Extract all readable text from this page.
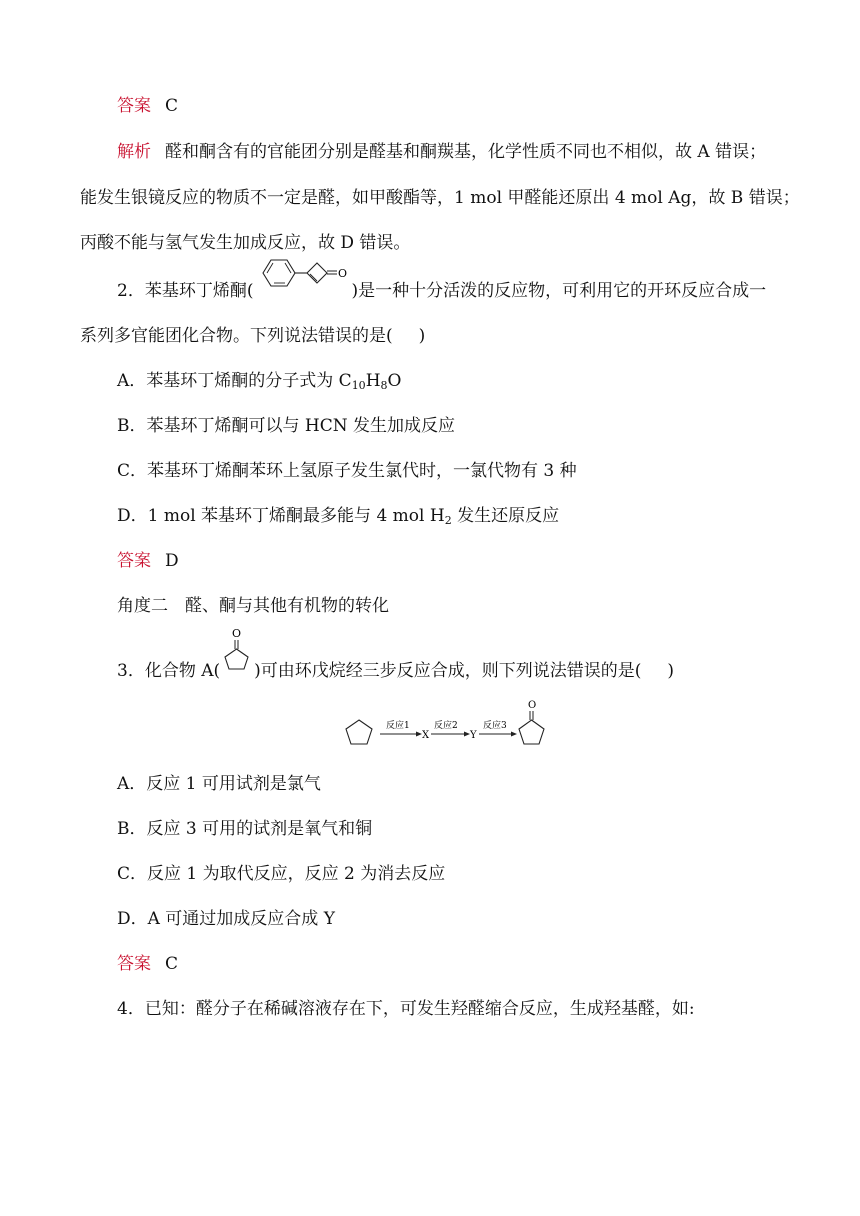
答案 C
解析 醛和酮含有的官能团分别是醛基和酮羰基，化学性质不同也不相似，故 A 错误；
能发生银镜反应的物质不一定是醛，如甲酸酯等，1 mol 甲醛能还原出 4 mol Ag，故 B 错误；
丙酸不能与氢气发生加成反应，故 D 错误。
2．苯基环丁烯酮(
O
)是一种十分活泼的反应物，可利用它的开环反应合成一
系列多官能团化合物。下列说法错误的是( )
A．苯基环丁烯酮的分子式为 $C_{10}H_8O$
B．苯基环丁烯酮可以与 HCN 发生加成反应
C．苯基环丁烯酮苯环上氢原子发生氯代时，一氯代物有 3 种
D．1 mol 苯基环丁烯酮最多能与 4 mol $H_2$ 发生还原反应
答案 D
角度二　醛、酮与其他有机物的转化
3．化合物 A(
O
)可由环戊烷经三步反应合成，则下列说法错误的是( )
反应1
X
反应2
Y
反应3
O
A．反应 1 可用试剂是氯气
B．反应 3 可用的试剂是氧气和铜
C．反应 1 为取代反应，反应 2 为消去反应
D．A 可通过加成反应合成 Y
答案 C
4．已知：醛分子在稀碱溶液存在下，可发生羟醛缩合反应，生成羟基醛，如:
